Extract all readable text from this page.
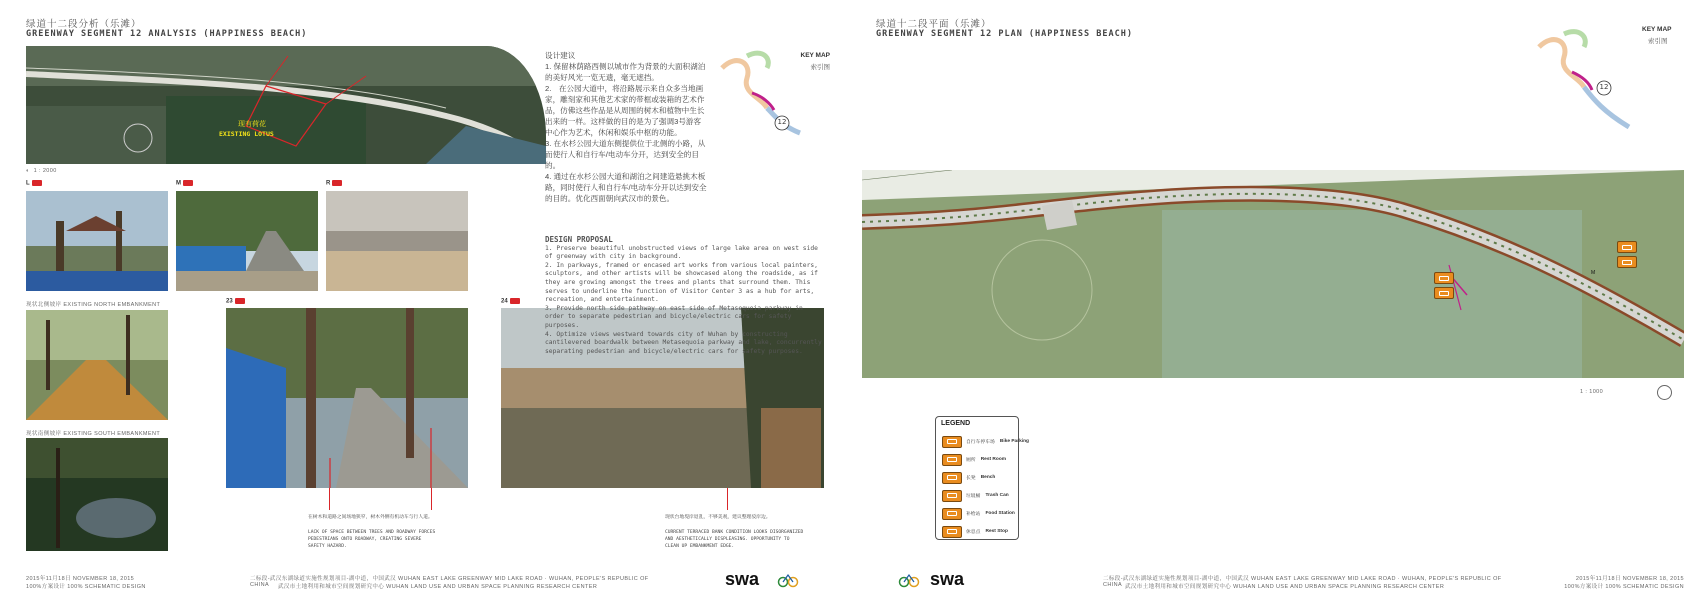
绿道十二段分析（乐滩）
GREENWAY SEGMENT 12 ANALYSIS (HAPPINESS BEACH)
现有荷花
EXISTING LOTUS
◐ 1 : 2000
L	M	R
现状北侧坡岸 EXISTING NORTH EMBANKMENT
现状南侧坡岸 EXISTING SOUTH EMBANKMENT
23
在树木和道路之间场地狭窄，树木外侧有机动车与行人道。
LACK OF SPACE BETWEEN TREES AND ROADWAY FORCES PEDESTRIANS ONTO ROADWAY, CREATING SEVERE SAFETY HAZARD.
24
现状台地堤岸退乱，不够美观，建议整理驳岸边。
CURRENT TERRACED BANK CONDITION LOOKS DISORGANIZED AND AESTHETICALLY DISPLEASING. OPPORTUNITY TO CLEAN UP EMBANKMENT EDGE.
设计建议
1. 保留林荫路西侧以城市作为背景的大面积湖泊的美好风光一览无遗，毫无遮挡。
2.　在公园大道中，将沿路展示来自众多当地画家，雕刻家和其他艺术家的带框或装箱的艺术作品，仿佛这些作品是从周围的树木和植物中生长出来的一样。这样做的目的是为了强调3号游客中心作为艺术，休闲和娱乐中枢的功能。
3. 在水杉公园大道东侧提供位于北侧的小路，从而使行人和自行车/电动车分开，达到安全的目的。
4. 通过在水杉公园大道和湖泊之间建造悬挑木板路，同时使行人和自行车/电动车分开以达到安全的目的。优化西面朝向武汉市的景色。
DESIGN PROPOSAL
1. Preserve beautiful unobstructed views of large lake area on west side of greenway with city in background.
2. In parkways, framed or encased art works from various local painters, sculptors, and other artists will be showcased along the roadside, as if they are growing amongst the trees and plants that surround them. This serves to underline the function of Visitor Center 3 as a hub for arts, recreation, and entertainment.
3. Provide north side pathway on east side of Metasequoia parkway in order to separate pedestrian and bicycle/electric cars for safety purposes.
4. Optimize views westward towards city of Wuhan by constructing cantilevered boardwalk between Metasequoia parkway and lake, concurrently separating pedestrian and bicycle/electric cars for safety purposes.
12
KEY MAP
索引图
2015年11月18日 NOVEMBER 18, 2015
100%方案设计 100% SCHEMATIC DESIGN
二标段-武汉东湖绿道实施性规划项目-湖中道，中国武汉 WUHAN EAST LAKE GREENWAY MID LAKE ROAD · WUHAN, PEOPLE'S REPUBLIC OF CHINA	武汉市土地利用和城市空间规划研究中心 WUHAN LAND USE AND URBAN SPACE PLANNING RESEARCH CENTER	swa
绿道十二段平面（乐滩）
GREENWAY SEGMENT 12 PLAN (HAPPINESS BEACH)
12
KEY MAP
索引图
M
1 : 1000
LEGEND
自行车停车场
Bike Parking
厕所
Rest Room
长凳
Bench
垃圾桶
Trash Can
补给站
Food Station
休息点
Rest Stop
swa	二标段-武汉东湖绿道实施性规划项目-湖中道，中国武汉 WUHAN EAST LAKE GREENWAY MID LAKE ROAD · WUHAN, PEOPLE'S REPUBLIC OF CHINA 武汉市土地利用和城市空间规划研究中心 WUHAN LAND USE AND URBAN SPACE PLANNING RESEARCH CENTER
2015年11月18日 NOVEMBER 18, 2015
100%方案设计 100% SCHEMATIC DESIGN
